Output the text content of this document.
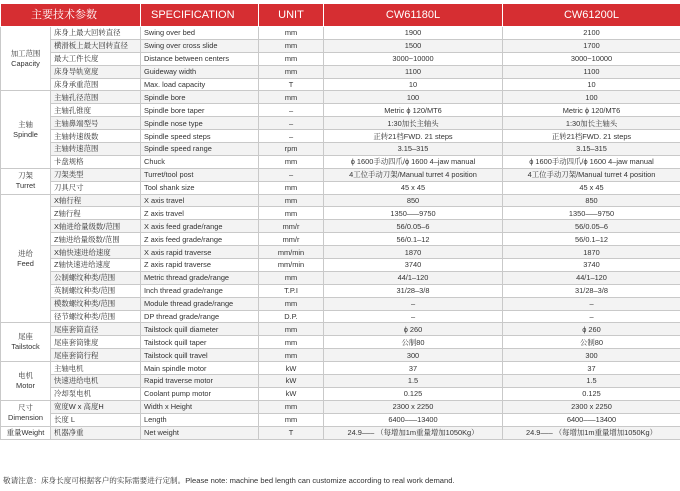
主要技术参数		SPECIFICATION	UNIT	CW61180L	CW61200L

加工范围
Capacity	床身上最大回转直径	Swing over bed	mm	1900	2100
	横滑板上最大回转直径	Swing over cross slide	mm	1500	1700
	最大工件长度	Distance between centers	mm	3000~10000	3000~10000
	床身导轨宽度	Guideway width	mm	1100	1100
	床身承重范围	Max. load capacity	T	10	10

主轴
Spindle	主轴孔径范围	Spindle bore	mm	100	100
	主轴孔锥度	Spindle bore taper	–	Metric ϕ 120/MT6	Metric ϕ 120/MT6
	主轴鼻端型号	Spindle nose type	–	1:30加长主轴头	1:30加长主轴头
	主轴转速级数	Spindle speed steps	–	正转21档FWD. 21 steps	正转21档FWD. 21 steps
	主轴转速范围	Spindle speed range	rpm	3.15–315	3.15–315
	卡盘规格	Chuck	mm	ϕ 1600手动四爪/ϕ 1600 4–jaw manual	ϕ 1600手动四爪/ϕ 1600 4–jaw manual

刀架
Turret	刀架类型	Turret/tool post	–	4工位手动刀架/Manual turret 4 position	4工位手动刀架/Manual turret 4 position
	刀具尺寸	Tool shank size	mm	45 x 45	45 x 45

进给
Feed	X轴行程	X axis travel	mm	850	850
	Z轴行程	Z axis travel	mm	1350–––9750	1350–––9750
	X轴进给量级数/范围	X axis feed grade/range	mm/r	56/0.05–6	56/0.05–6
	Z轴进给量级数/范围	Z axis feed grade/range	mm/r	56/0.1–12	56/0.1–12
	X轴快速进给速度	X axis rapid traverse	mm/min	1870	1870
	Z轴快速进给速度	Z axis rapid traverse	mm/min	3740	3740
	公制螺纹种类/范围	Metric thread grade/range	mm	44/1–120	44/1–120
	英制螺纹种类/范围	Inch thread grade/range	T.P.I	31/28–3/8	31/28–3/8
	模数螺纹种类/范围	Module thread grade/range	mm	–	–
	径节螺纹种类/范围	DP thread grade/range	D.P.	–	–

尾座
Tailstock	尾座套筒直径	Tailstock quill diameter	mm	ϕ 260	ϕ 260
	尾座套筒锥度	Tailstock quill taper	mm	公制80	公制80
	尾座套筒行程	Tailstock quill travel	mm	300	300

电机
Motor	主轴电机	Main spindle motor	kW	37	37
	快速进给电机	Rapid traverse motor	kW	1.5	1.5
	冷却泵电机	Coolant pump motor	kW	0.125	0.125

尺寸
Dimension	宽度W x 高度H	Width x Height	mm	2300 x 2250	2300 x 2250
	长度 L	Length	mm	6400–––13400	6400–––13400

重量Weight	机器净重	Net weight	T	24.9––– （每增加1m重量增加1050Kg）	24.9––– （每增加1m重量增加1050Kg）
敬请注意：床身长度可根据客户的实际需要进行定制。Please note: machine bed length can customize according to real work demand.
